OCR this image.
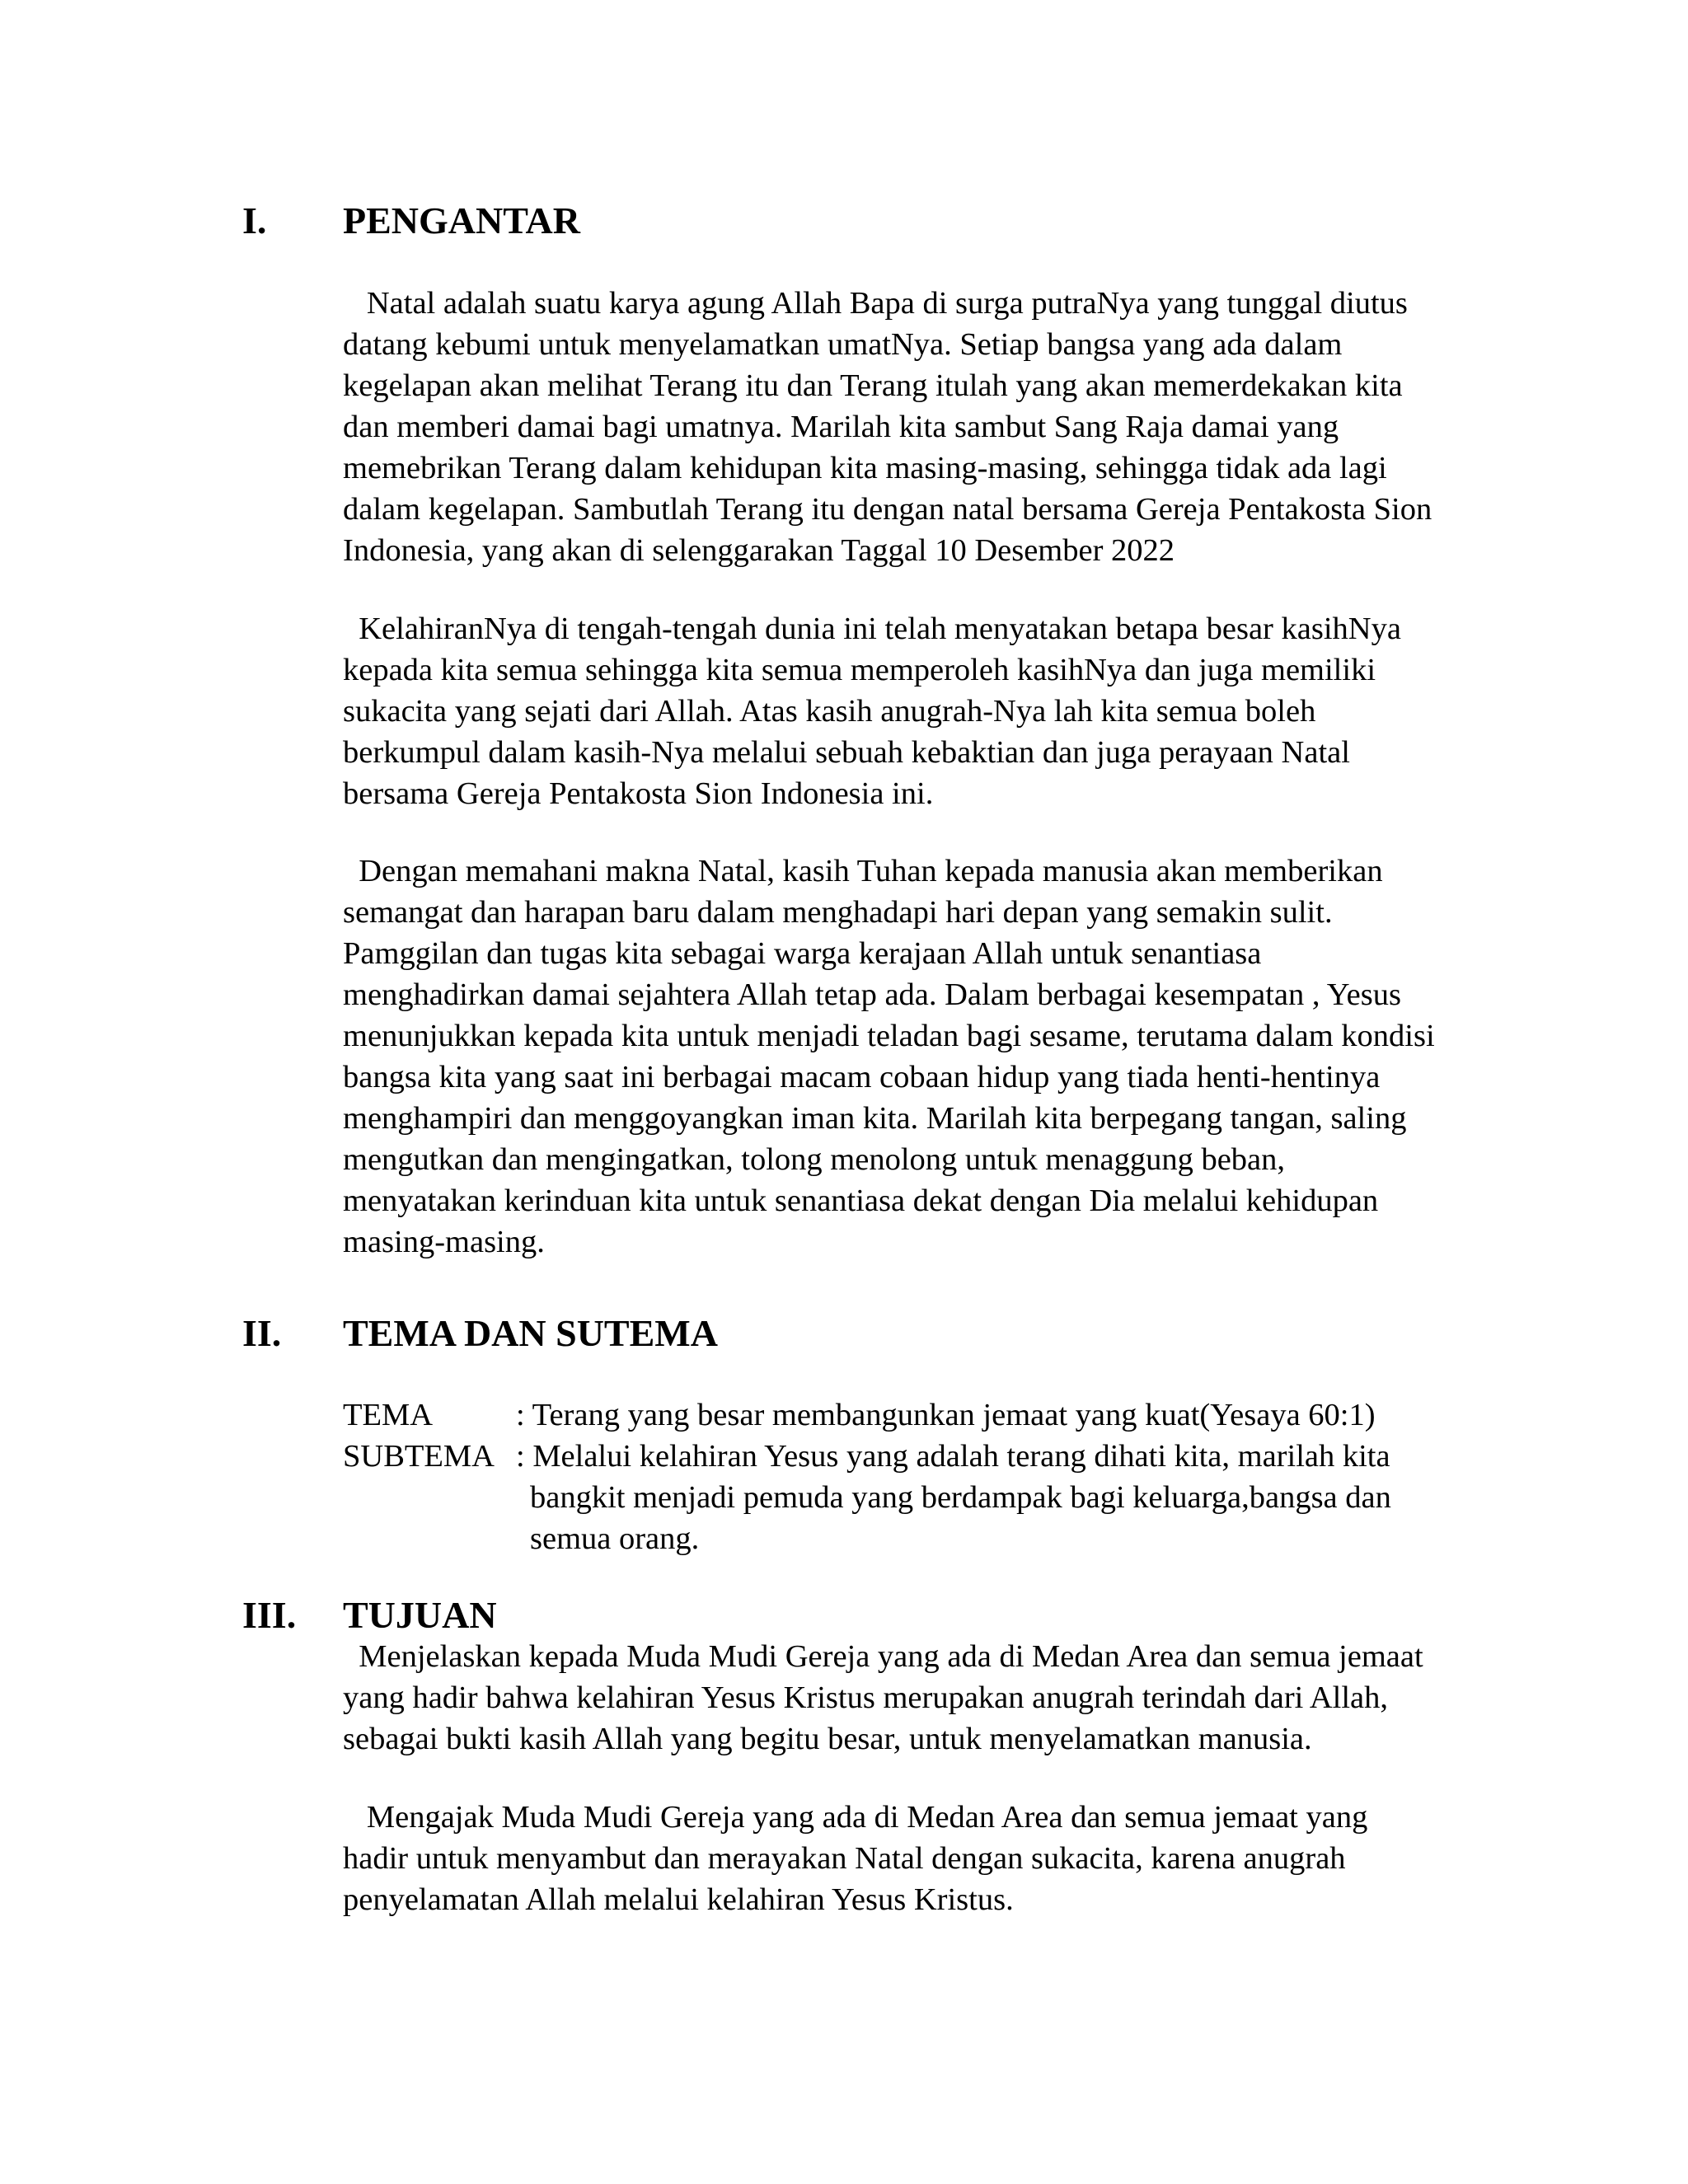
I. PENGANTAR
Natal adalah suatu karya agung Allah Bapa di surga putraNya yang tunggal diutus
datang kebumi untuk menyelamatkan umatNya. Setiap bangsa yang ada dalam
kegelapan akan melihat Terang itu dan Terang itulah yang akan memerdekakan kita
dan memberi damai bagi umatnya. Marilah kita sambut Sang Raja damai yang
memebrikan Terang dalam kehidupan kita masing-masing, sehingga tidak ada lagi
dalam kegelapan. Sambutlah Terang itu dengan natal bersama Gereja Pentakosta Sion
Indonesia, yang akan di selenggarakan Taggal 10 Desember 2022
KelahiranNya di tengah-tengah dunia ini telah menyatakan betapa besar kasihNya
kepada kita semua sehingga kita semua memperoleh kasihNya dan juga memiliki
sukacita yang sejati dari Allah. Atas kasih anugrah-Nya lah kita semua boleh
berkumpul dalam kasih-Nya melalui sebuah kebaktian dan juga perayaan Natal
bersama Gereja Pentakosta Sion Indonesia ini.
Dengan memahani makna Natal, kasih Tuhan kepada manusia akan memberikan
semangat dan harapan baru dalam menghadapi hari depan yang semakin sulit.
Pamggilan dan tugas kita sebagai warga kerajaan Allah untuk senantiasa
menghadirkan damai sejahtera Allah tetap ada. Dalam berbagai kesempatan , Yesus
menunjukkan kepada kita untuk menjadi teladan bagi sesame, terutama dalam kondisi
bangsa kita yang saat ini berbagai macam cobaan hidup yang tiada henti-hentinya
menghampiri dan menggoyangkan iman kita. Marilah kita berpegang tangan, saling
mengutkan dan mengingatkan, tolong menolong untuk menaggung beban,
menyatakan kerinduan kita untuk senantiasa dekat dengan Dia melalui kehidupan
masing-masing.
II. TEMA DAN SUTEMA
TEMA	: Terang yang besar membangunkan jemaat yang kuat(Yesaya 60:1)
SUBTEMA : Melalui kelahiran Yesus yang adalah terang dihati kita, marilah kita
bangkit menjadi pemuda yang berdampak bagi keluarga,bangsa dan
semua orang.
III. TUJUAN
Menjelaskan kepada Muda Mudi Gereja yang ada di Medan Area dan semua jemaat
yang hadir bahwa kelahiran Yesus Kristus merupakan anugrah terindah dari Allah,
sebagai bukti kasih Allah yang begitu besar, untuk menyelamatkan manusia.
Mengajak Muda Mudi Gereja yang ada di Medan Area dan semua jemaat yang
hadir untuk menyambut dan merayakan Natal dengan sukacita, karena anugrah
penyelamatan Allah melalui kelahiran Yesus Kristus.
